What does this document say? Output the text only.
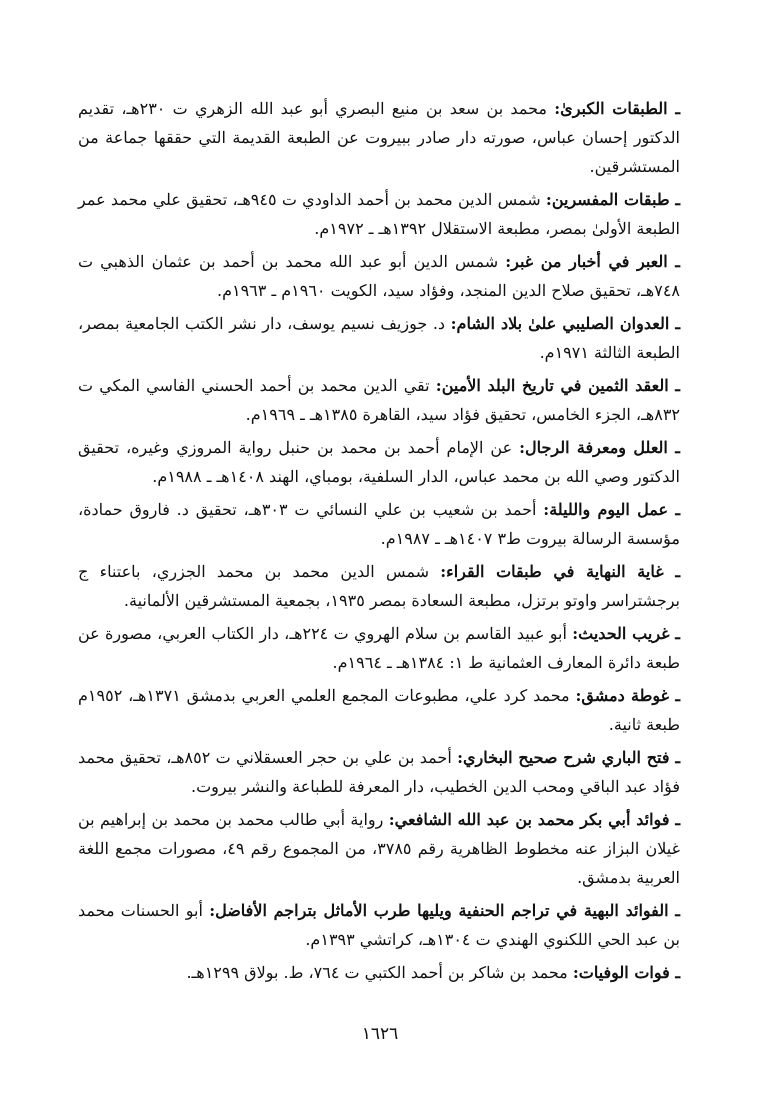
ـ الطبقات الكبرىٰ: محمد بن سعد بن منيع البصري أبو عبد الله الزهري ت ٢٣٠هـ، تقديم الدكتور إحسان عباس، صورته دار صادر ببيروت عن الطبعة القديمة التي حققها جماعة من المستشرقين.

ـ طبقات المفسرين: شمس الدين محمد بن أحمد الداودي ت ٩٤٥هـ، تحقيق علي محمد عمر الطبعة الأولىٰ بمصر، مطبعة الاستقلال ١٣٩٢هـ ـ ١٩٧٢م.

ـ العبر في أخبار من غبر: شمس الدين أبو عبد الله محمد بن أحمد بن عثمان الذهبي ت ٧٤٨هـ، تحقيق صلاح الدين المنجد، وفؤاد سيد، الكويت ١٩٦٠م ـ ١٩٦٣م.

ـ العدوان الصليبي علىٰ بلاد الشام: د. جوزيف نسيم يوسف، دار نشر الكتب الجامعية بمصر، الطبعة الثالثة ١٩٧١م.

ـ العقد الثمين في تاريخ البلد الأمين: تقي الدين محمد بن أحمد الحسني الفاسي المكي ت ٨٣٢هـ، الجزء الخامس، تحقيق فؤاد سيد، القاهرة ١٣٨٥هـ ـ ١٩٦٩م.

ـ العلل ومعرفة الرجال: عن الإمام أحمد بن محمد بن حنبل رواية المروزي وغيره، تحقيق الدكتور وصي الله بن محمد عباس، الدار السلفية، بومباي، الهند ١٤٠٨هـ ـ ١٩٨٨م.

ـ عمل اليوم والليلة: أحمد بن شعيب بن علي النسائي ت ٣٠٣هـ، تحقيق د. فاروق حمادة، مؤسسة الرسالة بيروت ط٣ ١٤٠٧هـ ـ ١٩٨٧م.

ـ غاية النهاية في طبقات القراء: شمس الدين محمد بن محمد الجزري، باعتناء ج برجشتراسر واوتو برتزل، مطبعة السعادة بمصر ١٩٣٥، بجمعية المستشرقين الألمانية.

ـ غريب الحديث: أبو عبيد القاسم بن سلام الهروي ت ٢٢٤هـ، دار الكتاب العربي، مصورة عن طبعة دائرة المعارف العثمانية ط ١: ١٣٨٤هـ ـ ١٩٦٤م.

ـ غوطة دمشق: محمد كرد علي، مطبوعات المجمع العلمي العربي بدمشق ١٣٧١هـ، ١٩٥٢م طبعة ثانية.

ـ فتح الباري شرح صحيح البخاري: أحمد بن علي بن حجر العسقلاني ت ٨٥٢هـ، تحقيق محمد فؤاد عبد الباقي ومحب الدين الخطيب، دار المعرفة للطباعة والنشر بيروت.

ـ فوائد أبي بكر محمد بن عبد الله الشافعي: رواية أبي طالب محمد بن محمد بن إبراهيم بن غيلان البزاز عنه مخطوط الظاهرية رقم ٣٧٨٥، من المجموع رقم ٤٩، مصورات مجمع اللغة العربية بدمشق.

ـ الفوائد البهية في تراجم الحنفية ويليها طرب الأماثل بتراجم الأفاضل: أبو الحسنات محمد بن عبد الحي اللكنوي الهندي ت ١٣٠٤هـ، كراتشي ١٣٩٣م.

ـ فوات الوفيات: محمد بن شاكر بن أحمد الكتبي ت ٧٦٤، ط. بولاق ١٢٩٩هـ.

١٦٢٦
